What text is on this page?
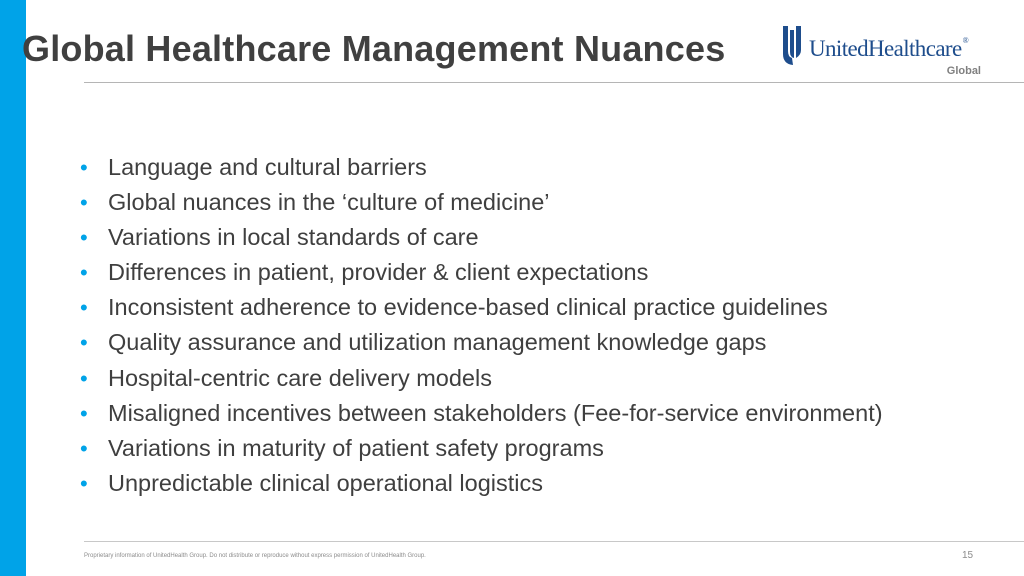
Global Healthcare Management Nuances	UnitedHealthcare®
Global
• Language and cultural barriers
• Global nuances in the ‘culture of medicine’
• Variations in local standards of care
• Differences in patient, provider & client expectations
• Inconsistent adherence to evidence-based clinical practice guidelines
• Quality assurance and utilization management knowledge gaps
• Hospital-centric care delivery models
• Misaligned incentives between stakeholders (Fee-for-service environment)
• Variations in maturity of patient safety programs
• Unpredictable clinical operational logistics
Proprietary information of UnitedHealth Group. Do not distribute or reproduce without express permission of UnitedHealth Group.	15
